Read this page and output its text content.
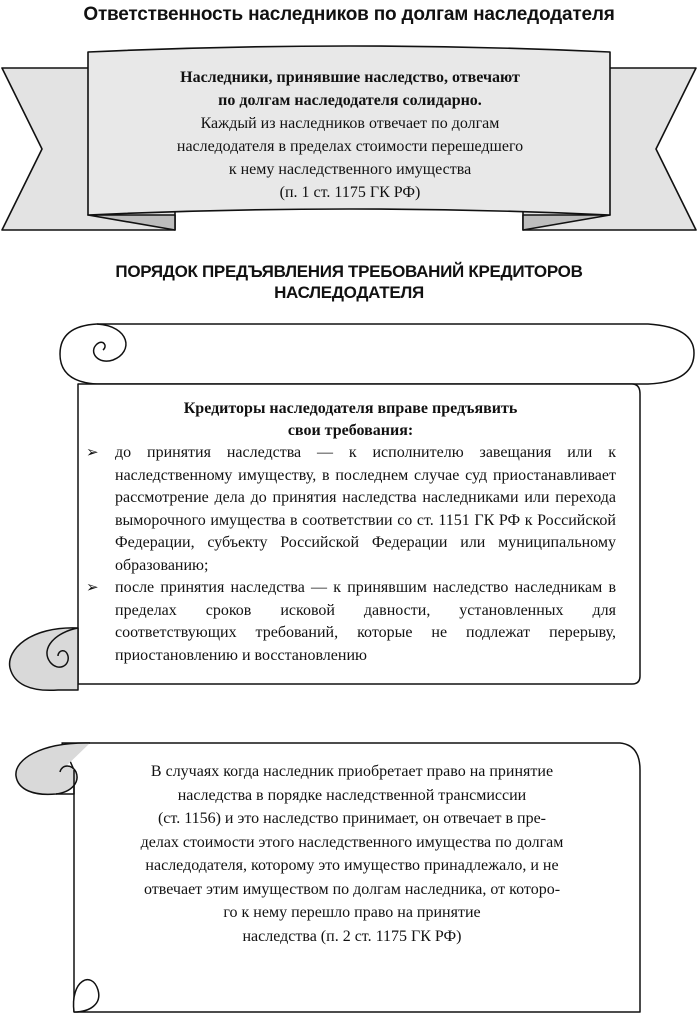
Ответственность наследников по долгам наследодателя
Наследники, принявшие наследство, отвечают
по долгам наследодателя солидарно.
Каждый из наследников отвечает по долгам
наследодателя в пределах стоимости перешедшего
к нему наследственного имущества
(п. 1 ст. 1175 ГК РФ)
ПОРЯДОК ПРЕДЪЯВЛЕНИЯ ТРЕБОВАНИЙ КРЕДИТОРОВ
НАСЛЕДОДАТЕЛЯ
Кредиторы наследодателя вправе предъявить
свои требования:
➢ до принятия наследства — к исполнителю завещания или к наследственному имуществу, в последнем случае суд приостанавливает рассмотрение дела до принятия наследства наследниками или перехода выморочного имущества в соответствии со ст. 1151 ГК РФ к Российской Федерации, субъекту Российской Федерации или муниципальному образованию;
➢ после принятия наследства — к принявшим наследство наследникам в пределах сроков исковой давности, установленных для соответствующих требований, которые не подлежат перерыву, приостановлению и восстановлению
В случаях когда наследник приобретает право на принятие
наследства в порядке наследственной трансмиссии
(ст. 1156) и это наследство принимает, он отвечает в пре-
делах стоимости этого наследственного имущества по долгам
наследодателя, которому это имущество принадлежало, и не
отвечает этим имуществом по долгам наследника, от которо-
го к нему перешло право на принятие
наследства (п. 2 ст. 1175 ГК РФ)
